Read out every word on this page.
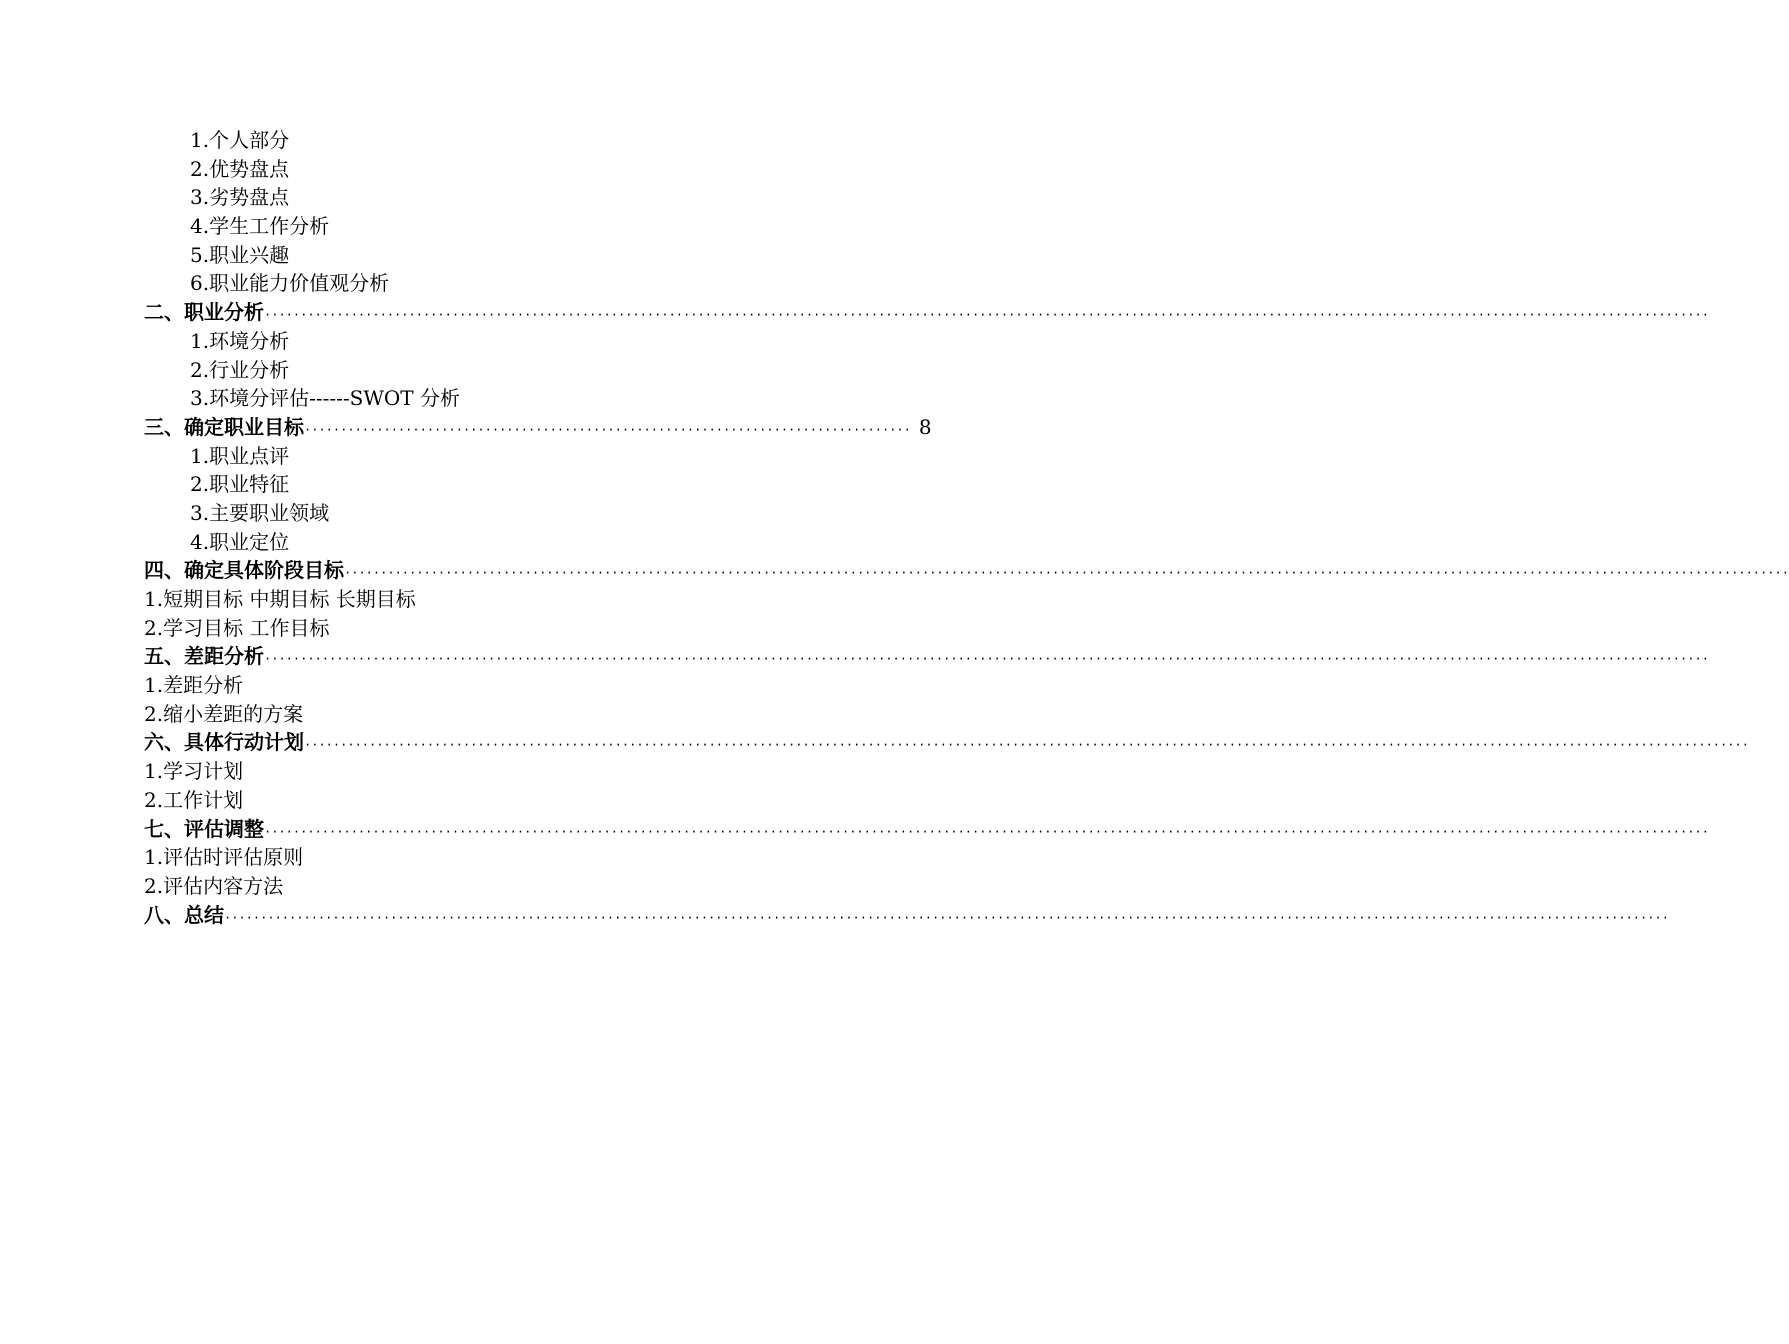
1.个人部分
2.优势盘点
3.劣势盘点
4.学生工作分析
5.职业兴趣
6.职业能力价值观分析
二、职业分析 ········································································································································································································
1.环境分析
2.行业分析
3.环境分评估------SWOT 分析
三、确定职业目标 ···················································································· 8
1.职业点评
2.职业特征
3.主要职业领域
4.职业定位
四、确定具体阶段目标 ········································································································································································································
1.短期目标 中期目标 长期目标
2.学习目标 工作目标
五、差距分析 ········································································································································································································
1.差距分析
2.缩小差距的方案
六、具体行动计划 ········································································································································································································
1.学习计划
2.工作计划
七、评估调整 ········································································································································································································
1.评估时评估原则
2.评估内容方法
八、总结 ········································································································································································································
